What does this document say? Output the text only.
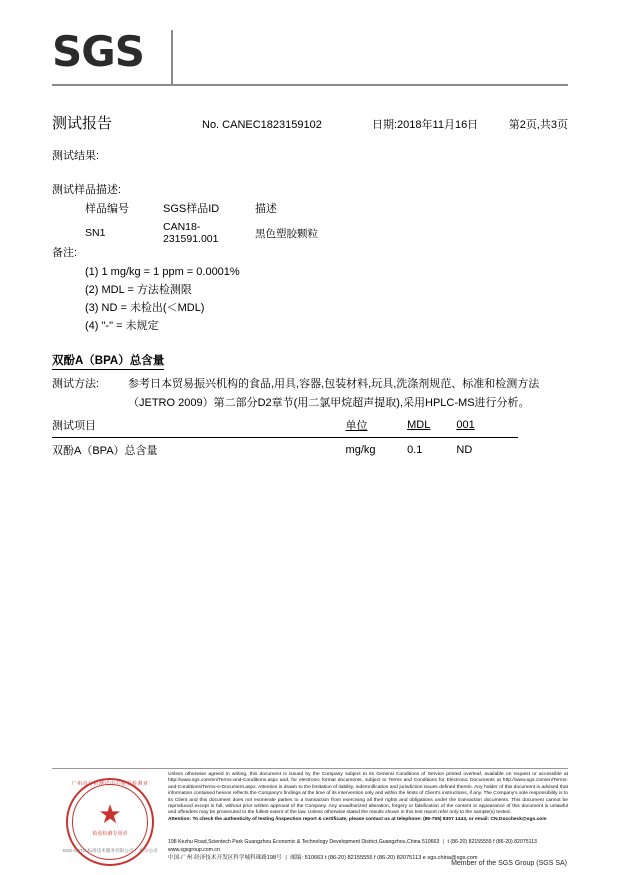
SGS
测试报告	No. CANEC1823159102	日期:2018年11月16日	第2页,共3页
测试结果:
测试样品描述:
样品编号	SGS样品ID	描述
SN1	CAN18-231591.001	黑色塑胶颗粒
备注:
(1) 1 mg/kg = 1 ppm = 0.0001%
(2) MDL = 方法检测限
(3) ND = 未检出(＜MDL)
(4) "-" = 未规定
双酚A（BPA）总含量
测试方法:	参考日本贸易振兴机构的食品,用具,容器,包装材料,玩具,洗涤剂规范、标准和检测方法（JETRO 2009）第二部分D2章节(用二氯甲烷超声提取),采用HPLC-MS进行分析。
测试项目	单位	MDL	001
双酚A（BPA）总含量	mg/kg	0.1	ND
广州市分析测试中心检验检测章
★
检验检测专用章
SGS-CSTC 标准技术服务有限公司 广州分公司
Unless otherwise agreed in writing, this document is issued by the Company subject to its General Conditions of Service printed overleaf, available on request or accessible at http://www.sgs.com/en/Terms-and-Conditions.aspx and, for electronic format documents, subject to Terms and Conditions for Electronic Documents at http://www.sgs.com/en/Terms-and-Conditions/Terms-e-Document.aspx. Attention is drawn to the limitation of liability, indemnification and jurisdiction issues defined therein. Any holder of this document is advised that information contained hereon reflects the Company's findings at the time of its intervention only and within the limits of Client's instructions, if any. The Company's sole responsibility is to its Client and this document does not exonerate parties to a transaction from exercising all their rights and obligations under the transaction documents. This document cannot be reproduced except in full, without prior written approval of the Company. Any unauthorized alteration, forgery or falsification of the content or appearance of this document is unlawful and offenders may be prosecuted to the fullest extent of the law. Unless otherwise stated the results shown in this test report refer only to the sample(s) tested.
Attention: To check the authenticity of testing /inspection report & certificate, please contact us at telephone: (86-755) 8307 1443, or email: CN.Doccheck@sgs.com
198 Kezhu Road,Scientech Park Guangzhou Economic & Technology Development District,Guangzhou,China 510663 | t (86-20) 82155555 f (86-20) 82075113 www.sgsgroup.com.cn
中国·广州·经济技术开发区科学城科珠路198号 | 邮编: 510663 t (86-20) 82155555 f (86-20) 82075113 e sgs.china@sgs.com
Member of the SGS Group (SGS SA)
